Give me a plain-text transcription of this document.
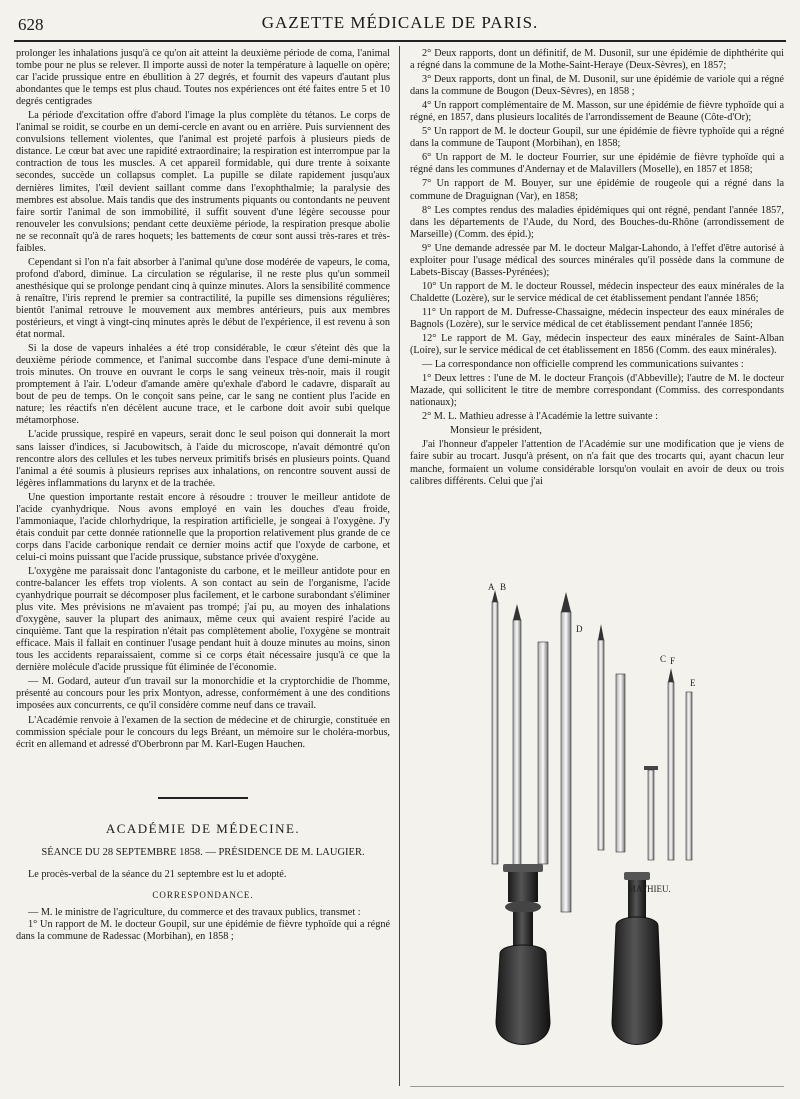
628	GAZETTE MÉDICALE DE PARIS.

prolonger les inhalations jusqu'à ce qu'on ait atteint la deuxième période de coma, l'animal tombe pour ne plus se relever. Il importe aussi de noter la température à laquelle on opère; car l'acide prussique entre en ébullition à 27 degrés, et fournit des vapeurs d'autant plus abondantes que le temps est plus chaud. Toutes nos expériences ont été faites entre 5 et 10 degrés centigrades

La période d'excitation offre d'abord l'image la plus complète du tétanos. Le corps de l'animal se roidit, se courbe en un demi-cercle en avant ou en arrière. Puis surviennent des convulsions tellement violentes, que l'animal est projeté parfois à plusieurs pieds de distance. Le cœur bat avec une rapidité extraordinaire; la respiration est interrompue par la contraction de tous les muscles. A cet appareil formidable, qui dure trente à soixante secondes, succède un collapsus complet. La pupille se dilate rapidement jusqu'aux dernières limites, l'œil devient saillant comme dans l'exophthalmie; la paralysie des membres est absolue. Mais tandis que des instruments piquants ou contondants ne peuvent faire sortir l'animal de son immobilité, il suffit souvent d'une légère secousse pour renouveler les convulsions; pendant cette deuxième période, la respiration presque abolie ne se reconnaît qu'à de rares hoquets; les battements de cœur sont aussi très-rares et très-faibles.

Cependant si l'on n'a fait absorber à l'animal qu'une dose modérée de vapeurs, le coma, profond d'abord, diminue. La circulation se régularise, il ne reste plus qu'un sommeil anesthésique qui se prolonge pendant cinq à quinze minutes. Alors la sensibilité commence à renaître, l'iris reprend le premier sa contractilité, la pupille ses dimensions régulières; bientôt l'animal retrouve le mouvement aux membres antérieurs, puis aux membres postérieurs, et vingt à vingt-cinq minutes après le début de l'expérience, il est revenu à son état normal.

Si la dose de vapeurs inhalées a été trop considérable, le cœur s'éteint dès que la deuxième période commence, et l'animal succombe dans l'espace d'une demi-minute à trois minutes. On trouve en ouvrant le corps le sang veineux très-noir, mais il rougit promptement à l'air. L'odeur d'amande amère qu'exhale d'abord le cadavre, disparaît au bout de peu de temps. On le conçoit sans peine, car le sang ne contient plus l'acide en nature; les réactifs n'en décèlent aucune trace, et le carbone doit avoir subi quelque métamorphose.

L'acide prussique, respiré en vapeurs, serait donc le seul poison qui donnerait la mort sans laisser d'indices, si Jacubowitsch, à l'aide du microscope, n'avait démontré qu'on rencontre alors des cellules et les tubes nerveux primitifs brisés en plusieurs points. Quand l'animal a été soumis à plusieurs reprises aux inhalations, on rencontre souvent aussi de légères inflammations du larynx et de la trachée.

Une question importante restait encore à résoudre : trouver le meilleur antidote de l'acide cyanhydrique. Nous avons employé en vain les douches d'eau froide, l'ammoniaque, l'acide chlorhydrique, la respiration artificielle, je songeai à l'oxygène. J'y étais conduit par cette donnée rationnelle que la proportion relativement plus grande de ce corps dans l'acide carbonique rendait ce dernier moins actif que l'oxyde de carbone, et celui-ci moins puissant que l'acide prussique, substance privée d'oxygène.

L'oxygène me paraissait donc l'antagoniste du carbone, et le meilleur antidote pour en contre-balancer les effets trop violents. A son contact au sein de l'organisme, l'acide cyanhydrique pourrait se décomposer plus facilement, et le carbone surabondant s'éliminer plus vite. Mes prévisions ne m'avaient pas trompé; j'ai pu, au moyen des inhalations d'oxygène, sauver la plupart des animaux, même ceux qui avaient respiré l'acide au cinquième. Tant que la respiration n'était pas complètement abolie, l'oxygène se montrait efficace. Mais il fallait en continuer l'usage pendant huit à douze minutes au moins, sinon tous les accidents reparaissaient, comme si ce corps était nécessaire jusqu'à ce que la dernière molécule d'acide prussique fût éliminée de l'économie.

— M. Godard, auteur d'un travail sur la monorchidie et la cryptorchidie de l'homme, présenté au concours pour les prix Montyon, adresse, conformément à une des conditions imposées aux concurrents, ce qu'il considère comme neuf dans ce travail.

L'Académie renvoie à l'examen de la section de médecine et de chirurgie, constituée en commission spéciale pour le concours du legs Bréant, un mémoire sur le choléra-morbus, écrit en allemand et adressé d'Oberbronn par M. Karl-Eugen Hauchen.

ACADÉMIE DE MÉDECINE.
SÉANCE DU 28 SEPTEMBRE 1858. — PRÉSIDENCE DE M. LAUGIER.

Le procès-verbal de la séance du 21 septembre est lu et adopté.

CORRESPONDANCE.

— M. le ministre de l'agriculture, du commerce et des travaux publics, transmet :

1° Un rapport de M. le docteur Goupil, sur une épidémie de fièvre typhoïde qui a régné dans la commune de Radessac (Morbihan), en 1858 ;

2° Deux rapports, dont un définitif, de M. Dusonil, sur une épidémie de diphthérite qui a régné dans la commune de la Mothe-Saint-Heraye (Deux-Sèvres), en 1857;

3° Deux rapports, dont un final, de M. Dusonil, sur une épidémie de variole qui a régné dans la commune de Bougon (Deux-Sèvres), en 1858 ;

4° Un rapport complémentaire de M. Masson, sur une épidémie de fièvre typhoïde qui a régné, en 1857, dans plusieurs localités de l'arrondissement de Beaune (Côte-d'Or);

5° Un rapport de M. le docteur Goupil, sur une épidémie de fièvre typhoïde qui a régné dans la commune de Taupont (Morbihan), en 1858;

6° Un rapport de M. le docteur Fourrier, sur une épidémie de fièvre typhoïde qui a régné dans les communes d'Andernay et de Malavillers (Moselle), en 1857 et 1858;

7° Un rapport de M. Bouyer, sur une épidémie de rougeole qui a régné dans la commune de Draguignan (Var), en 1858;

8° Les comptes rendus des maladies épidémiques qui ont régné, pendant l'année 1857, dans les départements de l'Aude, du Nord, des Bouches-du-Rhône (arrondissement de Marseille) (Comm. des épid.);

9° Une demande adressée par M. le docteur Malgar-Lahondo, à l'effet d'être autorisé à exploiter pour l'usage médical des sources minérales qu'il possède dans la commune de Labets-Biscay (Basses-Pyrénées);

10° Un rapport de M. le docteur Roussel, médecin inspecteur des eaux minérales de la Chaldette (Lozère), sur le service médical de cet établissement pendant l'année 1856;

11° Un rapport de M. Dufresse-Chassaigne, médecin inspecteur des eaux minérales de Bagnols (Lozère), sur le service médical de cet établissement pendant l'année 1856;

12° Le rapport de M. Gay, médecin inspecteur des eaux minérales de Saint-Alban (Loire), sur le service médical de cet établissement en 1856 (Comm. des eaux minérales).

— La correspondance non officielle comprend les communications suivantes :

1° Deux lettres : l'une de M. le docteur François (d'Abbeville); l'autre de M. le docteur Mazade, qui sollicitent le titre de membre correspondant (Commiss. des correspondants nationaux);

2° M. L. Mathieu adresse à l'Académie la lettre suivante :

Monsieur le président,

J'ai l'honneur d'appeler l'attention de l'Académie sur une modification que je viens de faire subir au trocart. Jusqu'à présent, on n'a fait que des trocarts qui, ayant chacun leur manche, formaient un volume considérable lorsqu'on voulait en avoir de deux ou trois calibres différents. Celui que j'ai

A B
C
D
E
F
MATHIEU.
